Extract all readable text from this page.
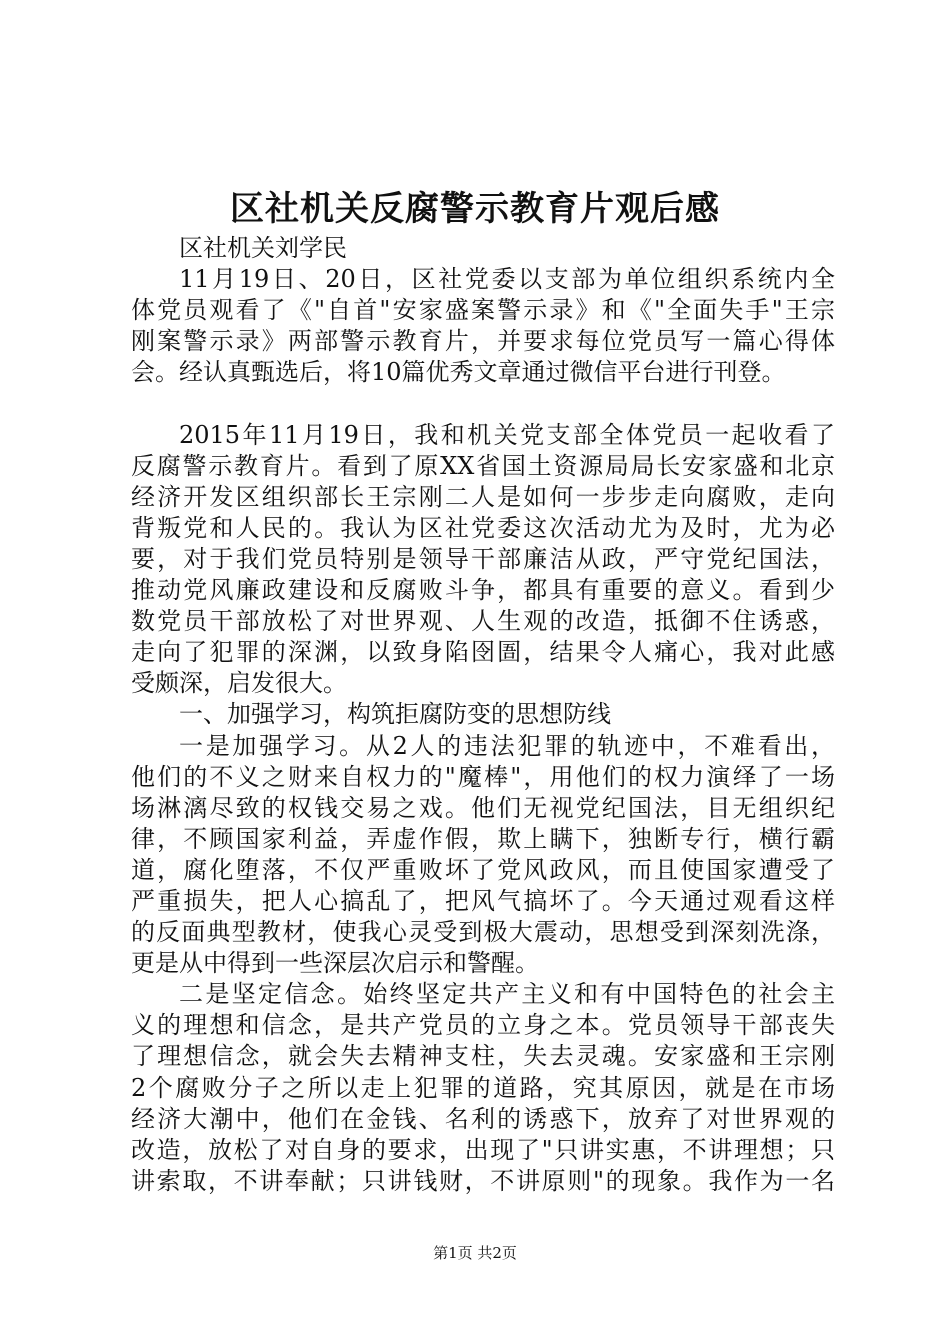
区社机关反腐警示教育片观后感
区社机关刘学民
11月19日、20日，区社党委以支部为单位组织系统内全
体党员观看了《"自首"安家盛案警示录》和《"全面失手"王宗
刚案警示录》两部警示教育片，并要求每位党员写一篇心得体
会。经认真甄选后，将10篇优秀文章通过微信平台进行刊登。
2015年11月19日，我和机关党支部全体党员一起收看了
反腐警示教育片。看到了原XX省国土资源局局长安家盛和北京
经济开发区组织部长王宗刚二人是如何一步步走向腐败，走向
背叛党和人民的。我认为区社党委这次活动尤为及时，尤为必
要，对于我们党员特别是领导干部廉洁从政，严守党纪国法，
推动党风廉政建设和反腐败斗争，都具有重要的意义。看到少
数党员干部放松了对世界观、人生观的改造，抵御不住诱惑，
走向了犯罪的深渊，以致身陷囹圄，结果令人痛心，我对此感
受颇深，启发很大。
一、加强学习，构筑拒腐防变的思想防线
一是加强学习。从2人的违法犯罪的轨迹中，不难看出，
他们的不义之财来自权力的"魔棒"，用他们的权力演绎了一场
场淋漓尽致的权钱交易之戏。他们无视党纪国法，目无组织纪
律，不顾国家利益，弄虚作假，欺上瞒下，独断专行，横行霸
道，腐化堕落，不仅严重败坏了党风政风，而且使国家遭受了
严重损失，把人心搞乱了，把风气搞坏了。今天通过观看这样
的反面典型教材，使我心灵受到极大震动，思想受到深刻洗涤，
更是从中得到一些深层次启示和警醒。
二是坚定信念。始终坚定共产主义和有中国特色的社会主
义的理想和信念，是共产党员的立身之本。党员领导干部丧失
了理想信念，就会失去精神支柱，失去灵魂。安家盛和王宗刚
2个腐败分子之所以走上犯罪的道路，究其原因，就是在市场
经济大潮中，他们在金钱、名利的诱惑下，放弃了对世界观的
改造，放松了对自身的要求，出现了"只讲实惠，不讲理想；只
讲索取，不讲奉献；只讲钱财，不讲原则"的现象。我作为一名
第1页 共2页
